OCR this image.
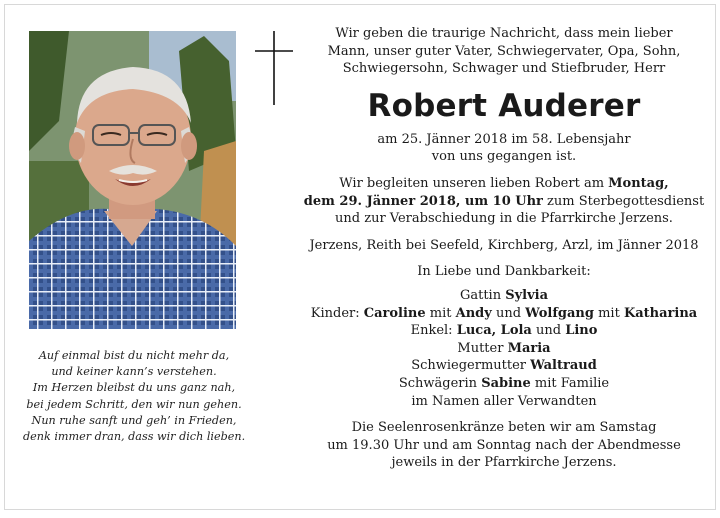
Auf einmal bist du nicht mehr da,
und keiner kann’s verstehen.
Im Herzen bleibst du uns ganz nah,
bei jedem Schritt, den wir nun gehen.
Nun ruhe sanft und geh’ in Frieden,
denk immer dran, dass wir dich lieben.
Wir geben die traurige Nachricht, dass mein lieber
Mann, unser guter Vater, Schwiegervater, Opa, Sohn,
Schwiegersohn, Schwager und Stiefbruder, Herr
Robert Auderer
am 25. Jänner 2018 im 58. Lebensjahr
von uns gegangen ist.
Wir begleiten unseren lieben Robert am Montag,
dem 29. Jänner 2018, um 10 Uhr zum Sterbegottesdienst
und zur Verabschiedung in die Pfarrkirche Jerzens.
Jerzens, Reith bei Seefeld, Kirchberg, Arzl, im Jänner 2018
In Liebe und Dankbarkeit:
Gattin Sylvia
Kinder: Caroline mit Andy und Wolfgang mit Katharina
Enkel: Luca, Lola und Lino
Mutter Maria
Schwiegermutter Waltraud
Schwägerin Sabine mit Familie
im Namen aller Verwandten
Die Seelenrosenkränze beten wir am Samstag
um 19.30 Uhr und am Sonntag nach der Abendmesse
jeweils in der Pfarrkirche Jerzens.
